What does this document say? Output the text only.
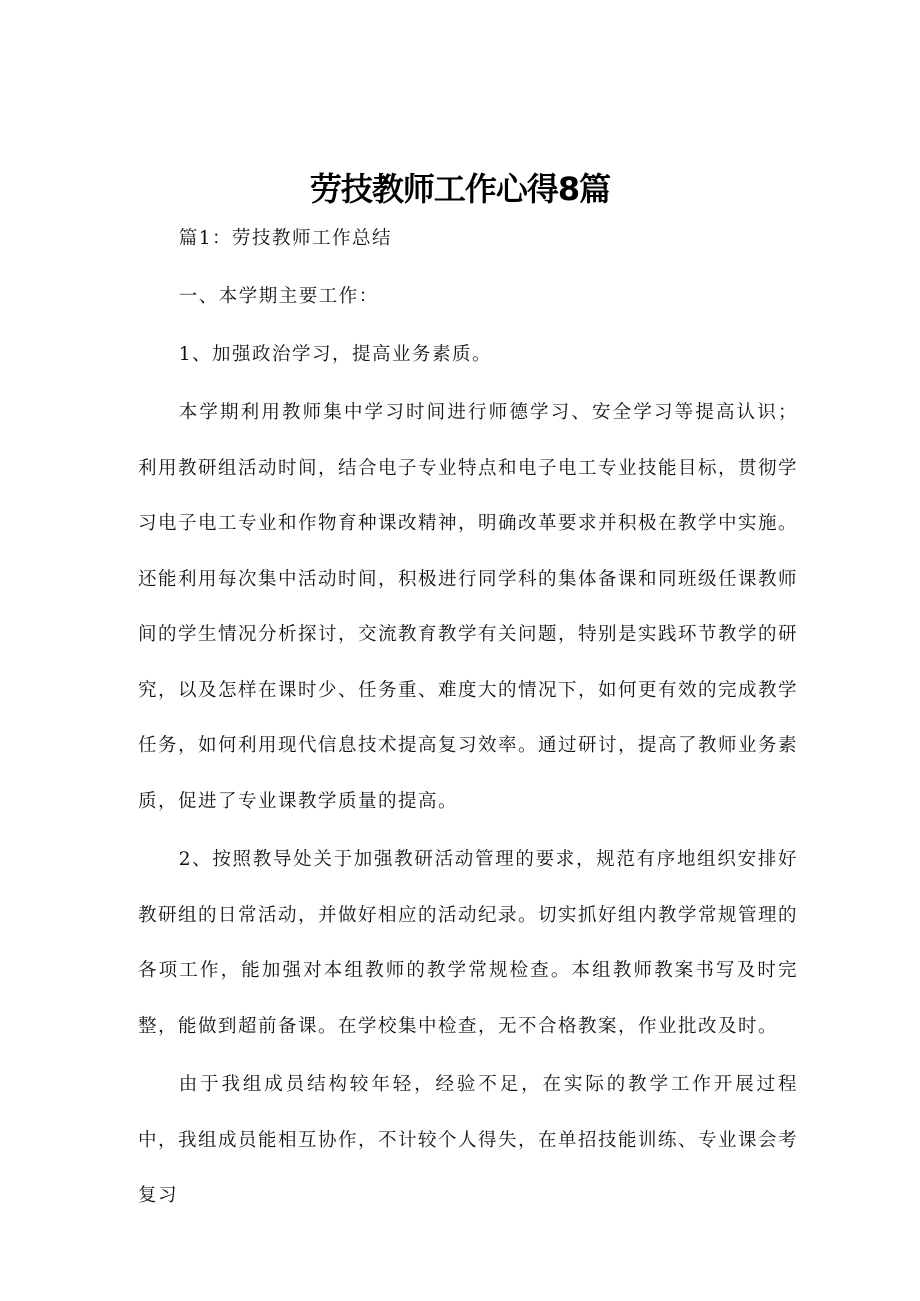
劳技教师工作心得8篇

篇1：劳技教师工作总结

一、本学期主要工作：

1、加强政治学习，提高业务素质。

本学期利用教师集中学习时间进行师德学习、安全学习等提高认识；利用教研组活动时间，结合电子专业特点和电子电工专业技能目标，贯彻学习电子电工专业和作物育种课改精神，明确改革要求并积极在教学中实施。还能利用每次集中活动时间，积极进行同学科的集体备课和同班级任课教师间的学生情况分析探讨，交流教育教学有关问题，特别是实践环节教学的研究，以及怎样在课时少、任务重、难度大的情况下，如何更有效的完成教学任务，如何利用现代信息技术提高复习效率。通过研讨，提高了教师业务素质，促进了专业课教学质量的提高。

2、按照教导处关于加强教研活动管理的要求，规范有序地组织安排好教研组的日常活动，并做好相应的活动纪录。切实抓好组内教学常规管理的各项工作，能加强对本组教师的教学常规检查。本组教师教案书写及时完整，能做到超前备课。在学校集中检查，无不合格教案，作业批改及时。

由于我组成员结构较年轻，经验不足，在实际的教学工作开展过程中，我组成员能相互协作，不计较个人得失，在单招技能训练、专业课会考复习
